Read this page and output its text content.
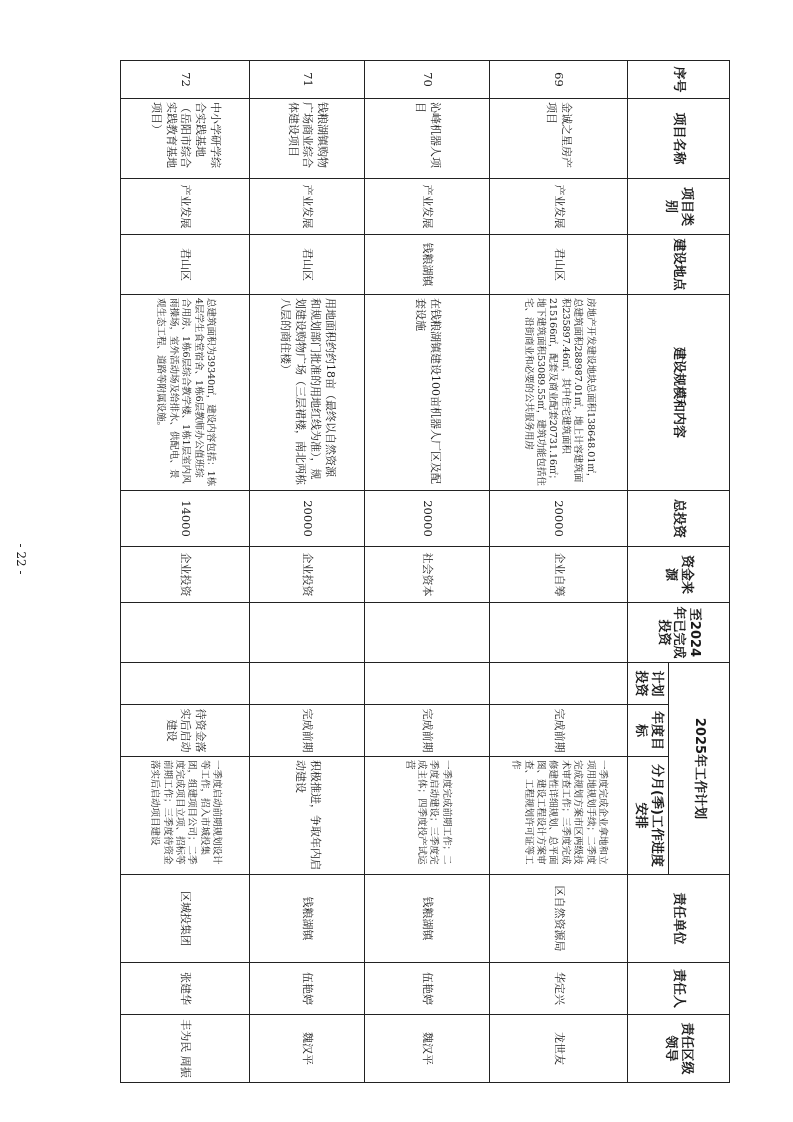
序号	项目名称	项目类别	建设地点	建设规模和内容	总投资	资金来源	至2024年已完成投资	2025年工作计划			责任单位	责任人	责任区级领导
								计划投资	年度目标	分月(季)工作进度安排			
69	金诚之星房产项目	产业发展	君山区	房地产开发建设地块总面积138648.01㎡，总建筑面积288987.01㎡，地上计容建筑面积235897.46㎡，其中住宅建筑面积215166㎡，配套及商业配套20731.16㎡；地下建筑面积53089.55㎡，建筑功能包括住宅、沿街商业和必要的公共服务用房	20000	企业自筹			完成前期	一季度完成企业拿地和立项用地规划手续；二季度完成规划方案市区两级技术审查工作；三季度完成修建性详细规划、总平面图、建设工程设计方案审查、工程规划许可证等工作	区自然资源局	华定兴	龙世友
70	沁峰机器人项目	产业发展	钱粮湖镇	在钱粮湖镇建设100亩机器人厂区及配套设施	20000	社会资本			完成前期	一季度完成前期工作；二季度启动建设；三季度完成主体；四季度投产试运营	钱粮湖镇	伍艳婷	魏汉平
71	钱粮湖镇购物广场商业综合体建设项目	产业发展	君山区	用地面积约约18亩（最终以自然资源和规划部门批准的用地红线为准），规划建设购物广场（三层裙楼，南北两栋八层的商住楼）	20000	企业投资			完成前期	积极推进，争取年内启动建设	钱粮湖镇	伍艳婷	魏汉平
72	中小学研学综合实践基地（岳阳市综合实践教育基地项目）	产业发展	君山区	总建筑面积为39340㎡，建设内容包括：1栋4层学生食堂宿舍、1栋6层教师办公值班综合用房、1栋6层综合教学楼、1栋1层室内风雨操场，室外活动场及给排水、供配电、景观生态工程、道路等附属设施。	14000	企业投资			待资金落实后启动建设	一季度启动前期规划设计等工作，招入市城投集团，组建项目公司；二季度完成项目立项、招标等前期工作；三季度待资金落实后启动项目建设	区城投集团	张建华	丰为民 周振
- 22 -
